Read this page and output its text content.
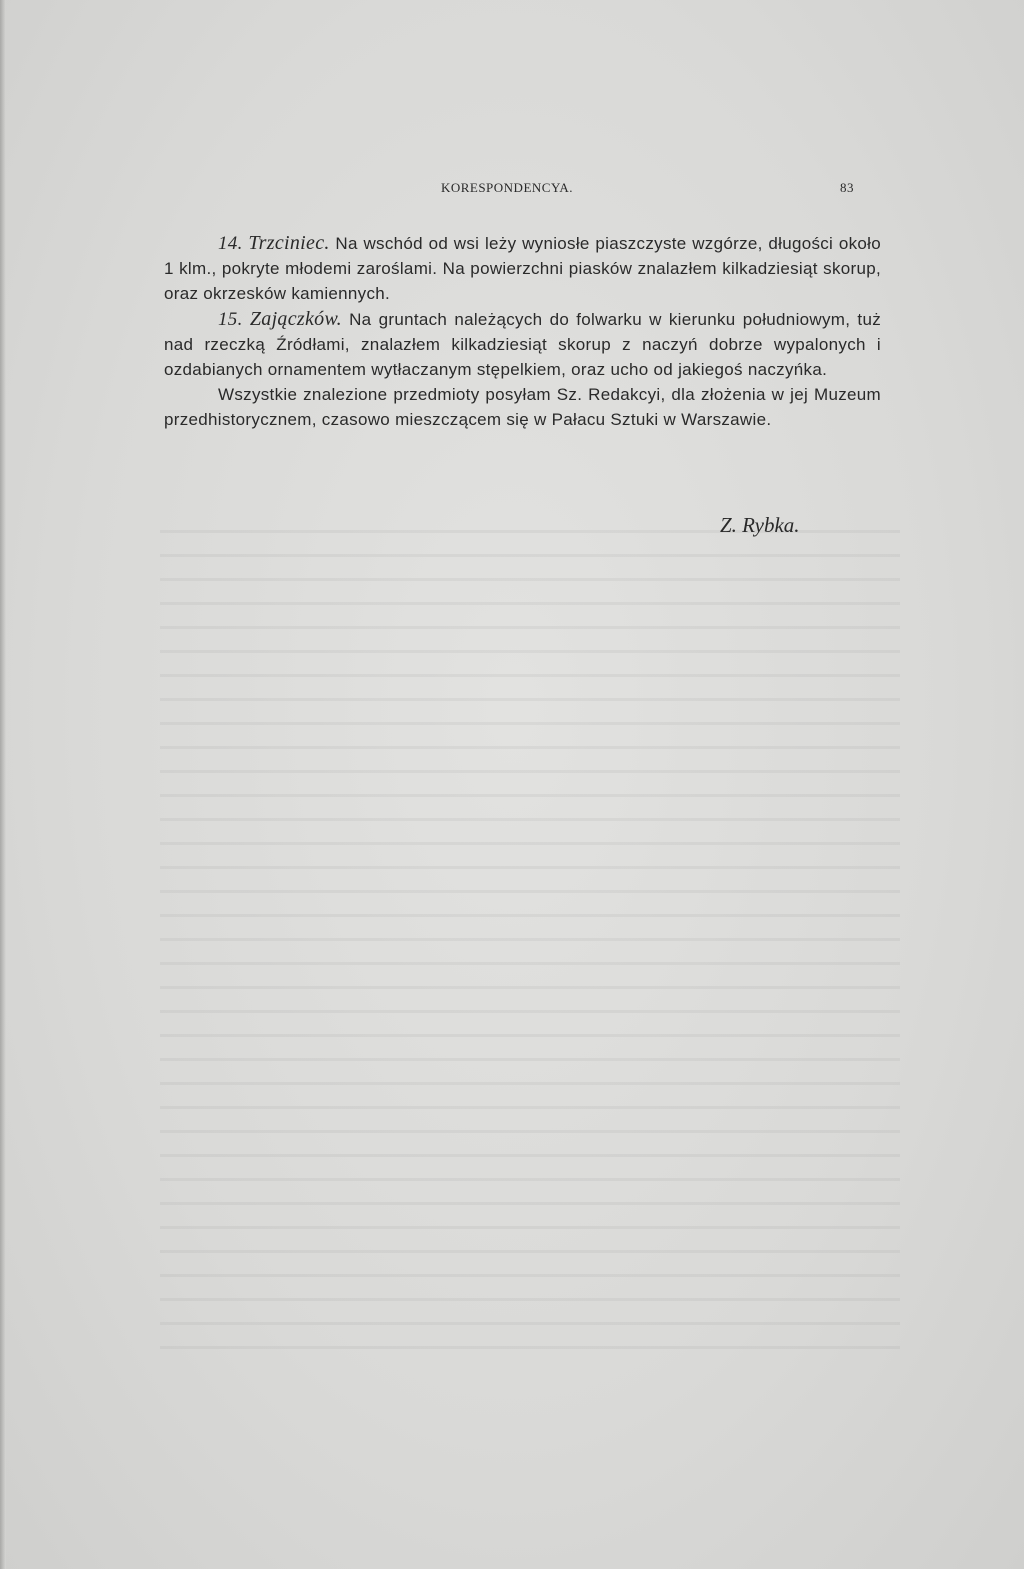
KORESPONDENCYA.	83

14. Trzciniec. Na wschód od wsi leży wyniosłe piaszczyste wzgórze, długości około 1 klm., pokryte młodemi zaroślami. Na powierzchni piasków znalazłem kilkadziesiąt skorup, oraz okrzesków kamiennych.

15. Zajączków. Na gruntach należących do folwarku w kierunku południowym, tuż nad rzeczką Źródłami, znalazłem kilkadziesiąt skorup z naczyń dobrze wypalonych i ozdabianych ornamentem wytłaczanym stępelkiem, oraz ucho od jakiegoś naczyńka.

Wszystkie znalezione przedmioty posyłam Sz. Redakcyi, dla złożenia w jej Muzeum przedhistorycznem, czasowo mieszczącem się w Pałacu Sztuki w Warszawie.

Z. Rybka.
